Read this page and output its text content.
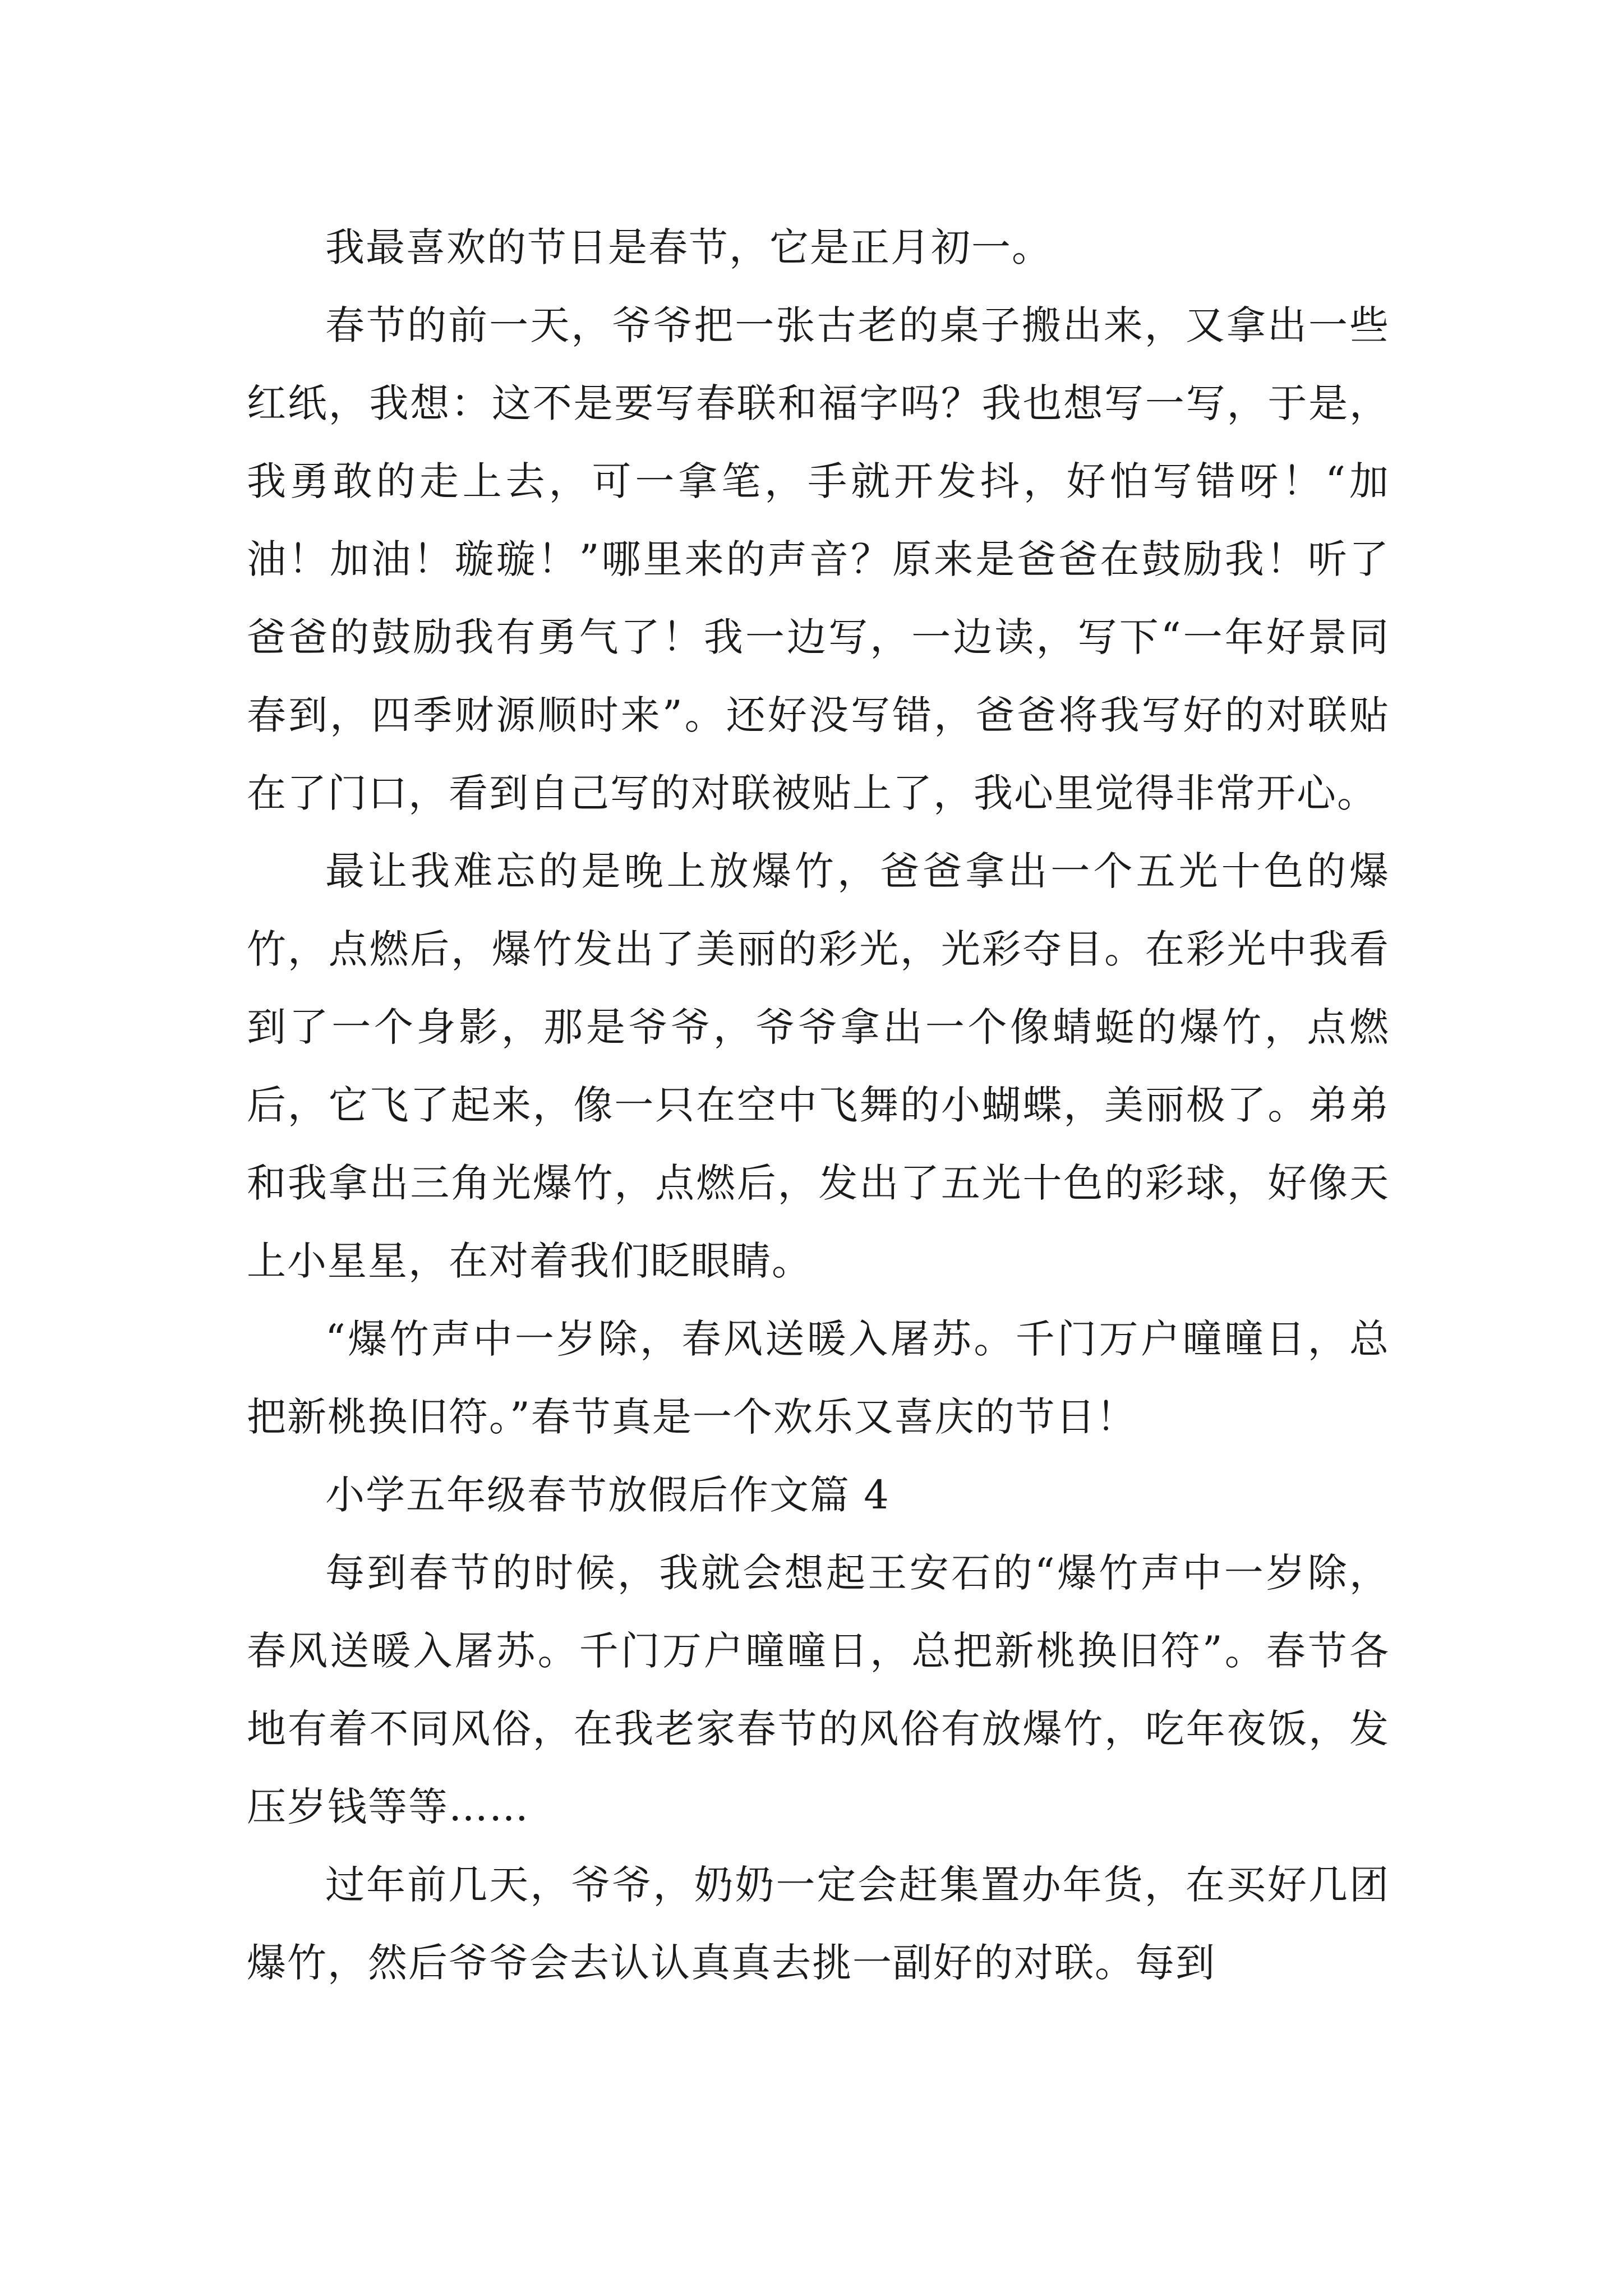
我最喜欢的节日是春节，它是正月初一。

春节的前一天，爷爷把一张古老的桌子搬出来，又拿出一些红纸，我想：这不是要写春联和福字吗？我也想写一写，于是，我勇敢的走上去，可一拿笔，手就开发抖，好怕写错呀！“加油！加油！璇璇！”哪里来的声音？原来是爸爸在鼓励我！听了爸爸的鼓励我有勇气了！我一边写，一边读，写下“一年好景同春到，四季财源顺时来”。还好没写错，爸爸将我写好的对联贴在了门口，看到自己写的对联被贴上了，我心里觉得非常开心。

最让我难忘的是晚上放爆竹，爸爸拿出一个五光十色的爆竹，点燃后，爆竹发出了美丽的彩光，光彩夺目。在彩光中我看到了一个身影，那是爷爷，爷爷拿出一个像蜻蜓的爆竹，点燃后，它飞了起来，像一只在空中飞舞的小蝴蝶，美丽极了。弟弟和我拿出三角光爆竹，点燃后，发出了五光十色的彩球，好像天上小星星，在对着我们眨眼睛。

“爆竹声中一岁除，春风送暖入屠苏。千门万户曈曈日，总把新桃换旧符。”春节真是一个欢乐又喜庆的节日！

小学五年级春节放假后作文篇 4

每到春节的时候，我就会想起王安石的“爆竹声中一岁除，春风送暖入屠苏。千门万户曈曈日，总把新桃换旧符”。春节各地有着不同风俗，在我老家春节的风俗有放爆竹，吃年夜饭，发压岁钱等等……

过年前几天，爷爷，奶奶一定会赶集置办年货，在买好几团爆竹，然后爷爷会去认认真真去挑一副好的对联。每到
